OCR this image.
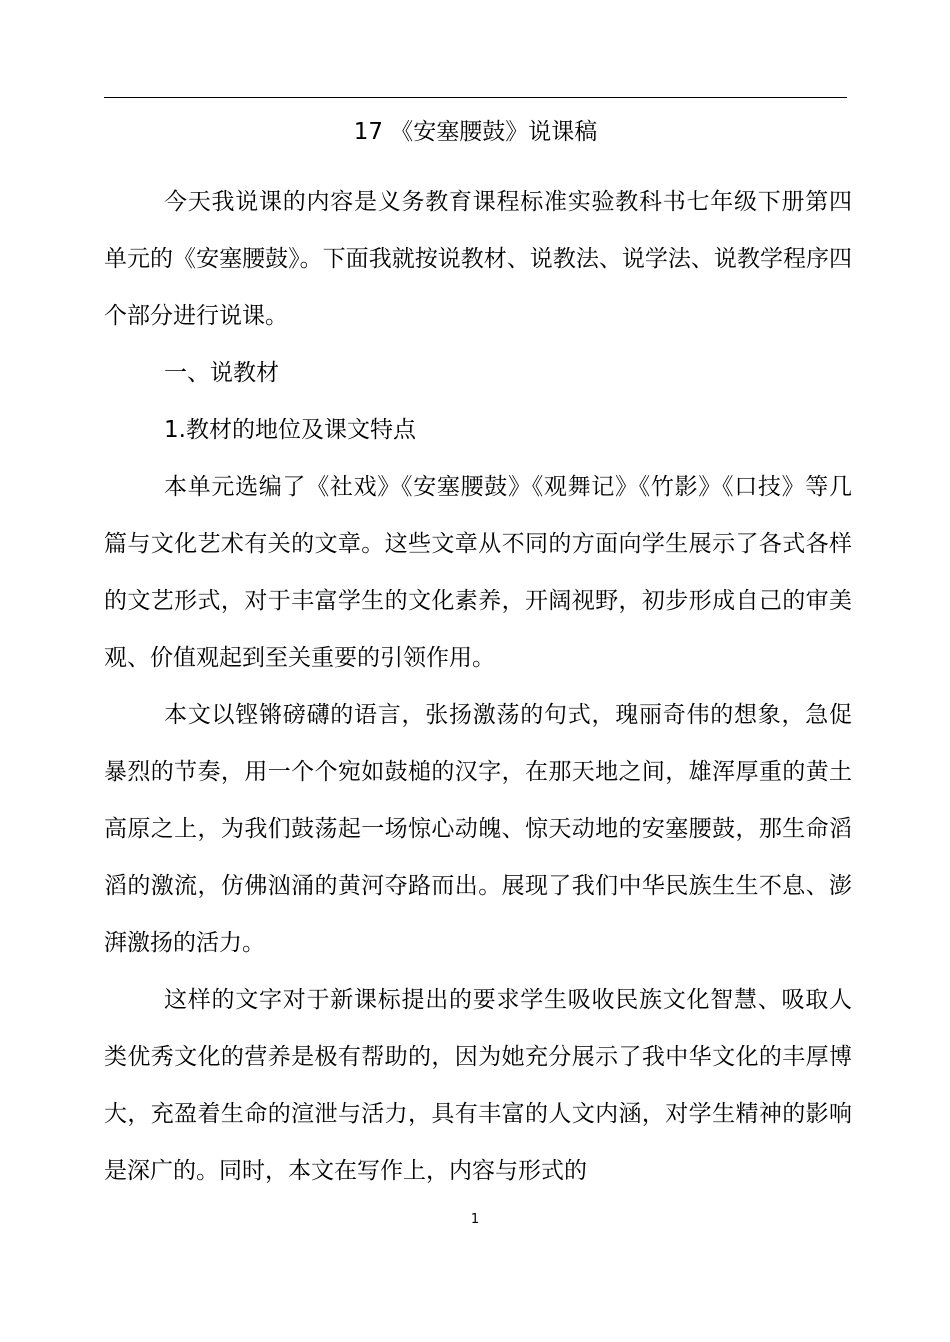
17 《安塞腰鼓》说课稿

今天我说课的内容是义务教育课程标准实验教科书七年级下册第四单元的《安塞腰鼓》。下面我就按说教材、说教法、说学法、说教学程序四个部分进行说课。

一、说教材

1.教材的地位及课文特点

本单元选编了《社戏》《安塞腰鼓》《观舞记》《竹影》《口技》等几篇与文化艺术有关的文章。这些文章从不同的方面向学生展示了各式各样的文艺形式，对于丰富学生的文化素养，开阔视野，初步形成自己的审美观、价值观起到至关重要的引领作用。

本文以铿锵磅礴的语言，张扬激荡的句式，瑰丽奇伟的想象，急促暴烈的节奏，用一个个宛如鼓槌的汉字，在那天地之间，雄浑厚重的黄土高原之上，为我们鼓荡起一场惊心动魄、惊天动地的安塞腰鼓，那生命滔滔的激流，仿佛汹涌的黄河夺路而出。展现了我们中华民族生生不息、澎湃激扬的活力。

这样的文字对于新课标提出的要求学生吸收民族文化智慧、吸取人类优秀文化的营养是极有帮助的，因为她充分展示了我中华文化的丰厚博大，充盈着生命的渲泄与活力，具有丰富的人文内涵，对学生精神的影响是深广的。同时，本文在写作上，内容与形式的

1
